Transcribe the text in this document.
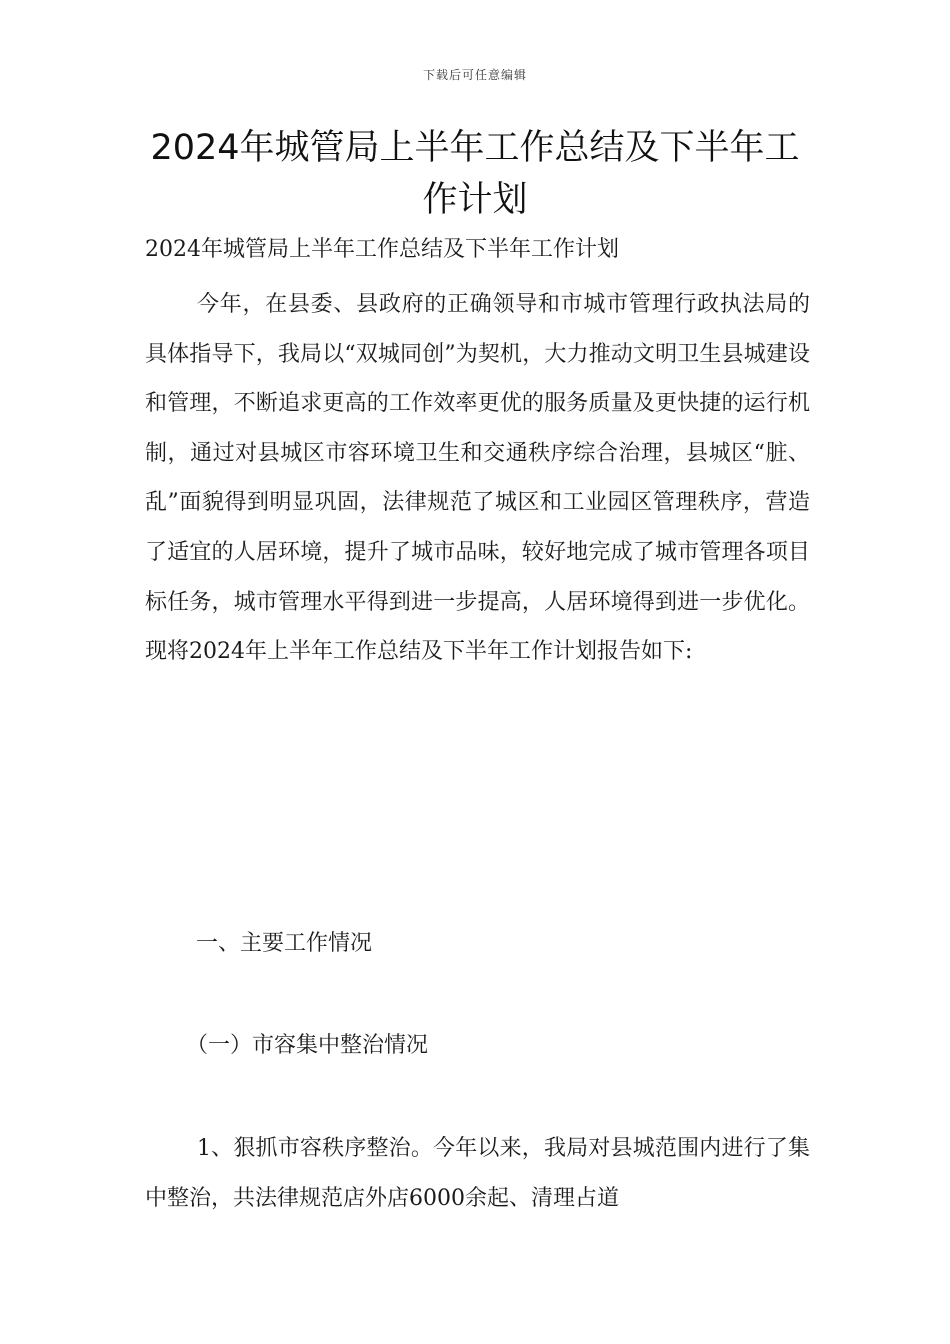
下载后可任意编辑
2024年城管局上半年工作总结及下半年工作计划
2024年城管局上半年工作总结及下半年工作计划

今年，在县委、县政府的正确领导和市城市管理行政执法局的具体指导下，我局以“双城同创”为契机，大力推动文明卫生县城建设和管理，不断追求更高的工作效率更优的服务质量及更快捷的运行机制，通过对县城区市容环境卫生和交通秩序综合治理，县城区“脏、乱”面貌得到明显巩固，法律规范了城区和工业园区管理秩序，营造了适宜的人居环境，提升了城市品味，较好地完成了城市管理各项目标任务，城市管理水平得到进一步提高，人居环境得到进一步优化。现将2024年上半年工作总结及下半年工作计划报告如下:

一、主要工作情况
（一）市容集中整治情况

1、狠抓市容秩序整治。今年以来，我局对县城范围内进行了集中整治，共法律规范店外店6000余起、清理占道
